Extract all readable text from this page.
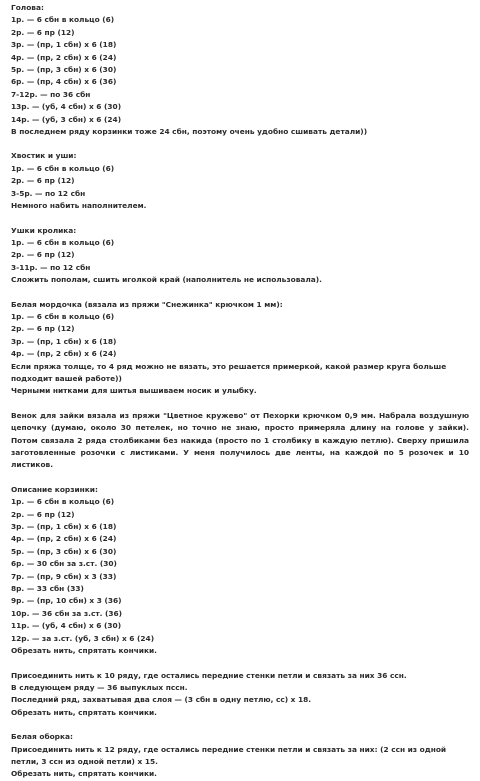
Голова:
1р. — 6 сбн в кольцо (6)
2р. — 6 пр (12)
3р. — (пр, 1 сбн) х 6 (18)
4р. — (пр, 2 сбн) х 6 (24)
5р. — (пр, 3 сбн) х 6 (30)
6р. — (пр, 4 сбн) х 6 (36)
7-12р. — по 36 сбн
13р. — (уб, 4 сбн) х 6 (30)
14р. — (уб, 3 сбн) х 6 (24)
В последнем ряду корзинки тоже 24 сбн, поэтому очень удобно сшивать детали))
Хвостик и уши:
1р. — 6 сбн в кольцо (6)
2р. — 6 пр (12)
3-5р. — по 12 сбн
Немного набить наполнителем.
Ушки кролика:
1р. — 6 сбн в кольцо (6)
2р. — 6 пр (12)
3-11р. — по 12 сбн
Сложить пополам, сшить иголкой край (наполнитель не использовала).
Белая мордочка (вязала из пряжи "Снежинка" крючком 1 мм):
1р. — 6 сбн в кольцо (6)
2р. — 6 пр (12)
3р. — (пр, 1 сбн) х 6 (18)
4р. — (пр, 2 сбн) х 6 (24)
Если пряжа толще, то 4 ряд можно не вязать, это решается примеркой, какой размер круга больше подходит вашей работе))
Черными нитками для шитья вышиваем носик и улыбку.
Венок для зайки вязала из пряжи "Цветное кружево" от Пехорки крючком 0,9 мм. Набрала воздушную цепочку (думаю, около 30 петелек, но точно не знаю, просто примеряла длину на голове у зайки). Потом связала 2 ряда столбиками без накида (просто по 1 столбику в каждую петлю). Сверху пришила заготовленные розочки с листиками. У меня получилось две ленты, на каждой по 5 розочек и 10 листиков.
Описание корзинки:
1р. — 6 сбн в кольцо (6)
2р. — 6 пр (12)
3р. — (пр, 1 сбн) х 6 (18)
4р. — (пр, 2 сбн) х 6 (24)
5р. — (пр, 3 сбн) х 6 (30)
6р. — 30 сбн за з.ст. (30)
7р. — (пр, 9 сбн) х 3 (33)
8р. — 33 сбн (33)
9р. — (пр, 10 сбн) х 3 (36)
10р. — 36 сбн за з.ст. (36)
11р. — (уб, 4 сбн) х 6 (30)
12р. — за з.ст. (уб, 3 сбн) х 6 (24)
Обрезать нить, спрятать кончики.
Присоединить нить к 10 ряду, где остались передние стенки петли и связать за них 36 ссн.
В следующем ряду — 36 выпуклых пссн.
Последний ряд, захватывая два слоя — (3 сбн в одну петлю, сс) х 18.
Обрезать нить, спрятать кончики.
Белая оборка:
Присоединить нить к 12 ряду, где остались передние стенки петли и связать за них: (2 ссн из одной петли, 3 ссн из одной петли) х 15.
Обрезать нить, спрятать кончики.
